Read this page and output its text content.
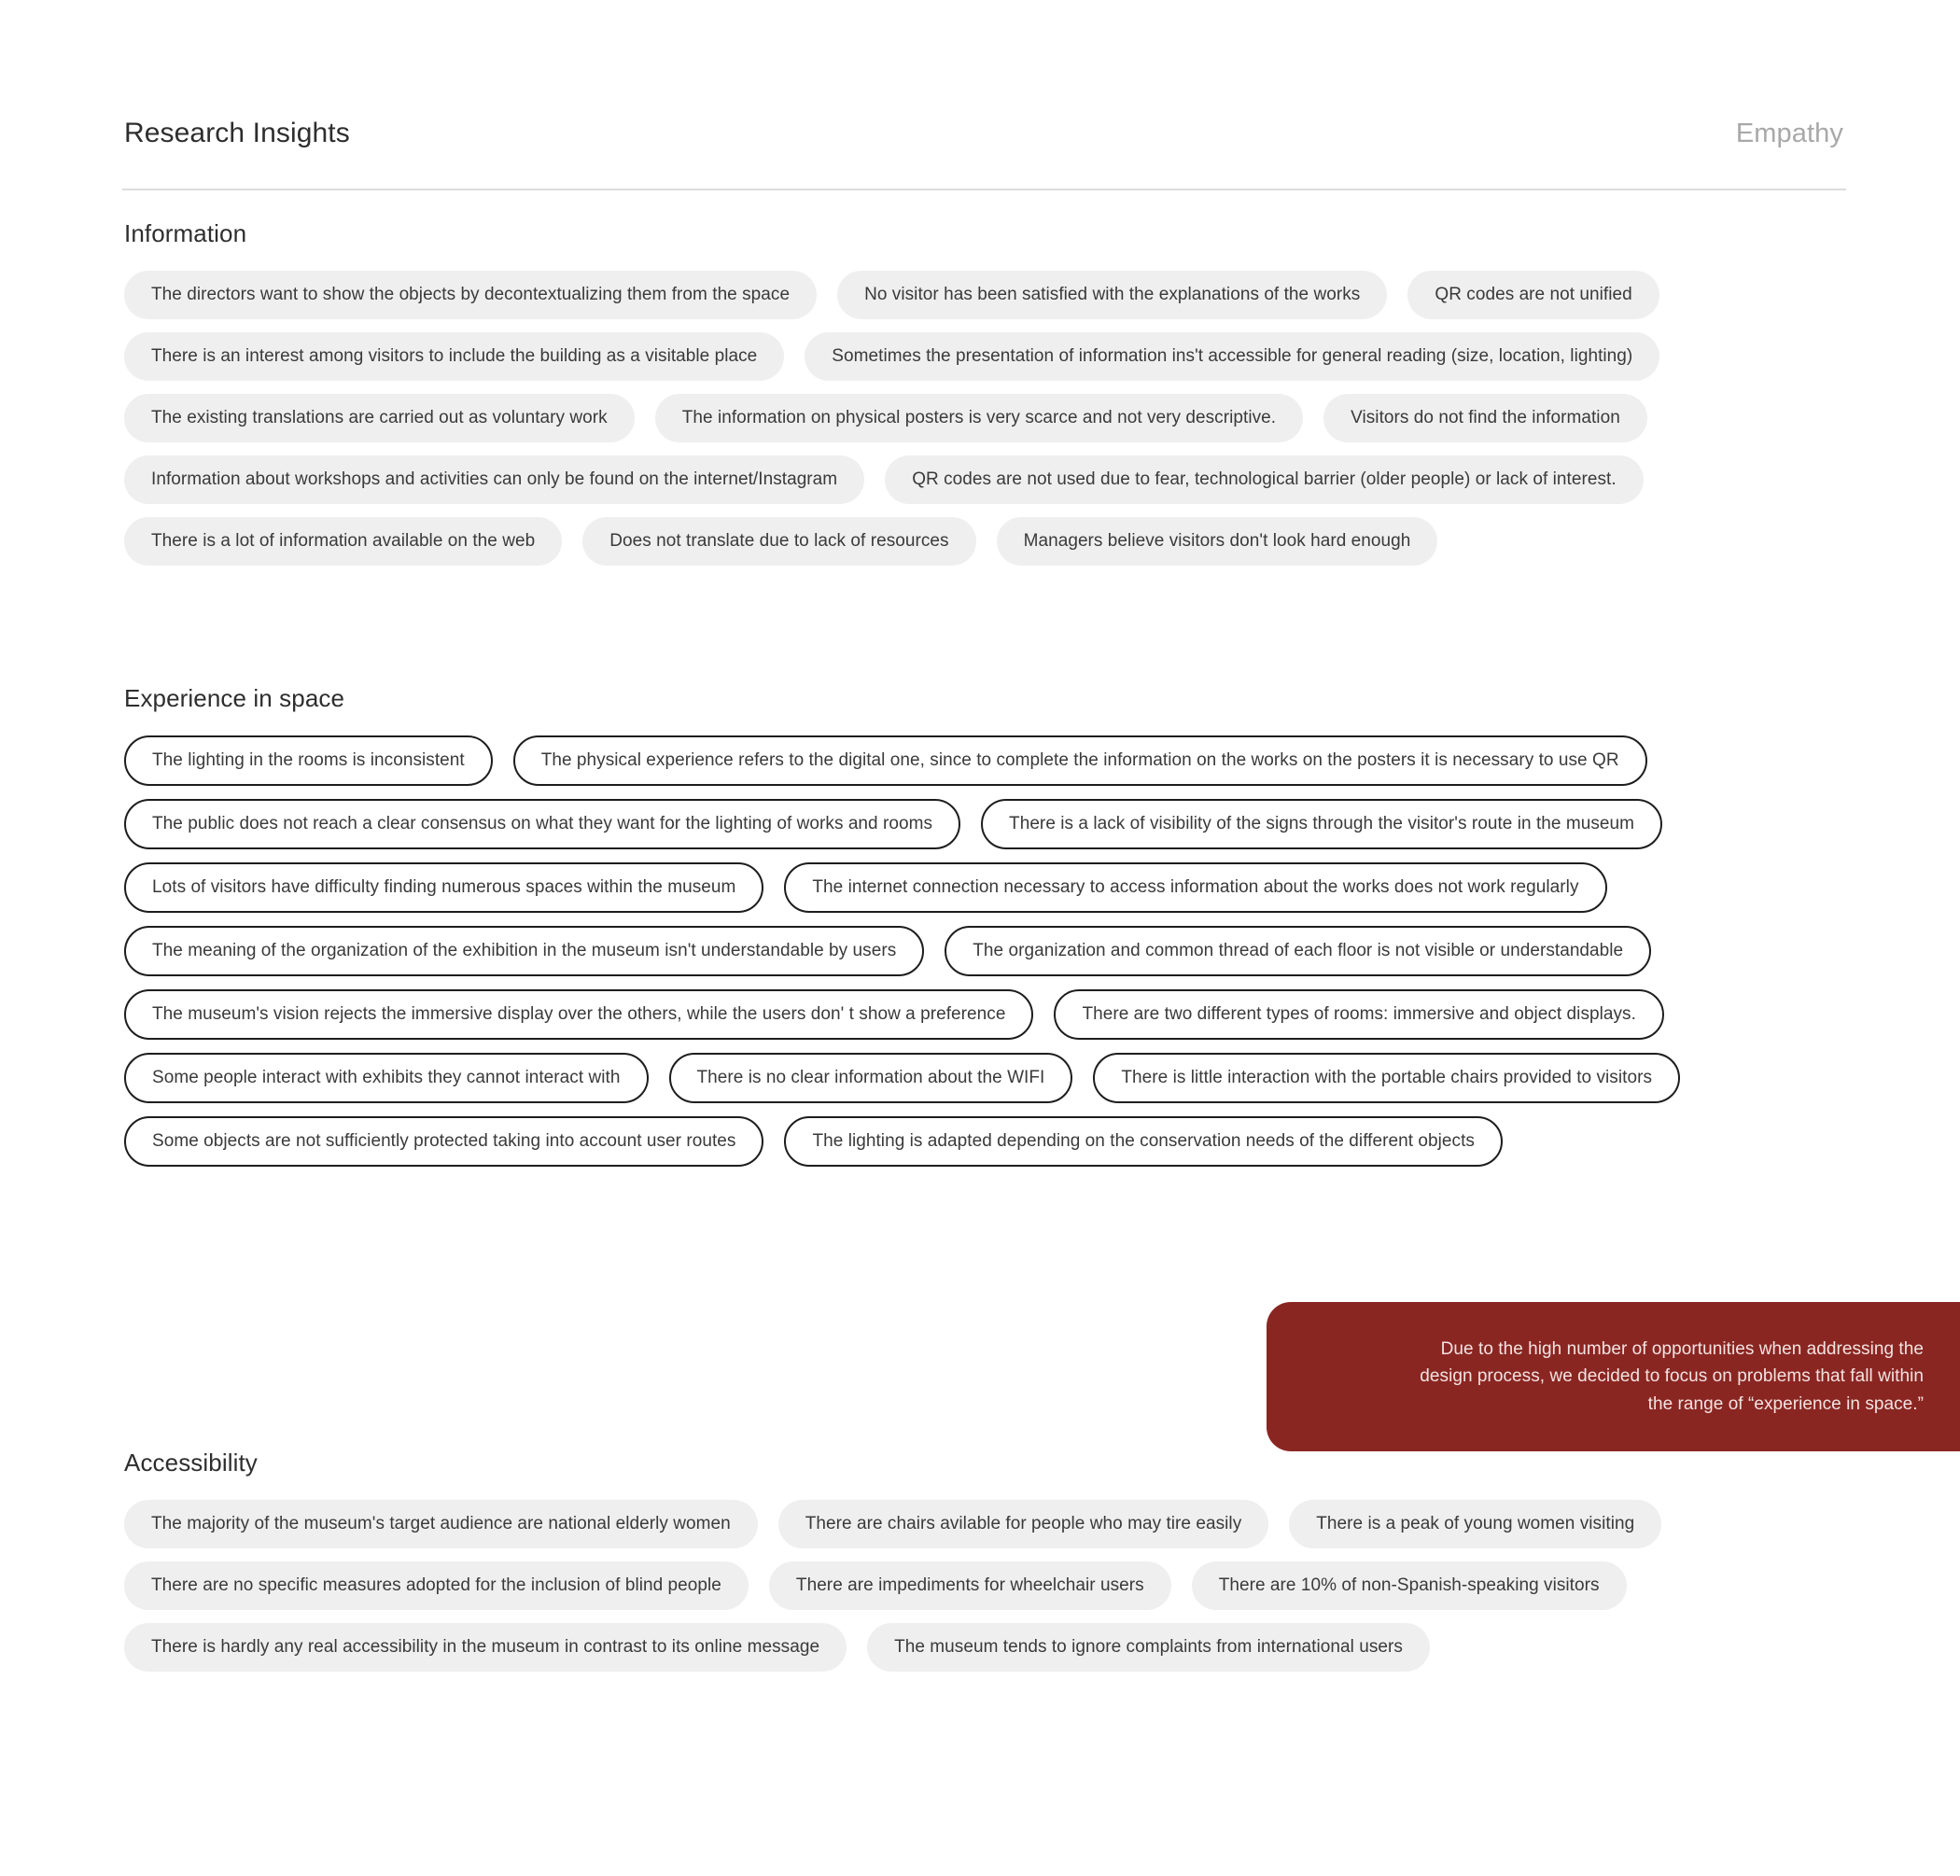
Research Insights	Empathy
Information
The directors want to show the objects by decontextualizing them from the space	No visitor has been satisfied with the explanations of the works	QR codes are not unified
There is an interest among visitors to include the building as a visitable place	Sometimes the presentation of information ins't accessible for general reading (size, location, lighting)
The existing translations are carried out as voluntary work	The information on physical posters is very scarce and not very descriptive.	Visitors do not find the information
Information about workshops and activities can only be found on the internet/Instagram	QR codes are not used due to fear, technological barrier (older people) or lack of interest.
There is a lot of information available on the web	Does not translate due to lack of resources	Managers believe visitors don't look hard enough
Experience in space
The lighting in the rooms is inconsistent	The physical experience refers to the digital one, since to complete the information on the works on the posters it is necessary to use QR
The public does not reach a clear consensus on what they want for the lighting of works and rooms	There is a lack of visibility of the signs through the visitor's route in the museum
Lots of visitors have difficulty finding numerous spaces within the museum	The internet connection necessary to access information about the works does not work regularly
The meaning of the organization of the exhibition in the museum isn't understandable by users	The organization and common thread of each floor is not visible or understandable
The museum's vision rejects the immersive display over the others, while the users don' t show a preference	There are two different types of rooms: immersive and object displays.
Some people interact with exhibits they cannot interact with	There is no clear information about the WIFI	There is little interaction with the portable chairs provided to visitors
Some objects are not sufficiently protected taking into account user routes	The lighting is adapted depending on the conservation needs of the different objects
Due to the high number of opportunities when addressing the design process, we decided to focus on problems that fall within the range of “experience in space.”
Accessibility
The majority of the museum's target audience are national elderly women	There are chairs avilable for people who may tire easily	There is a peak of young women visiting
There are no specific measures adopted for the inclusion of blind people	There are impediments for wheelchair users	There are 10% of non-Spanish-speaking visitors
There is hardly any real accessibility in the museum in contrast to its online message	The museum tends to ignore complaints from international users
